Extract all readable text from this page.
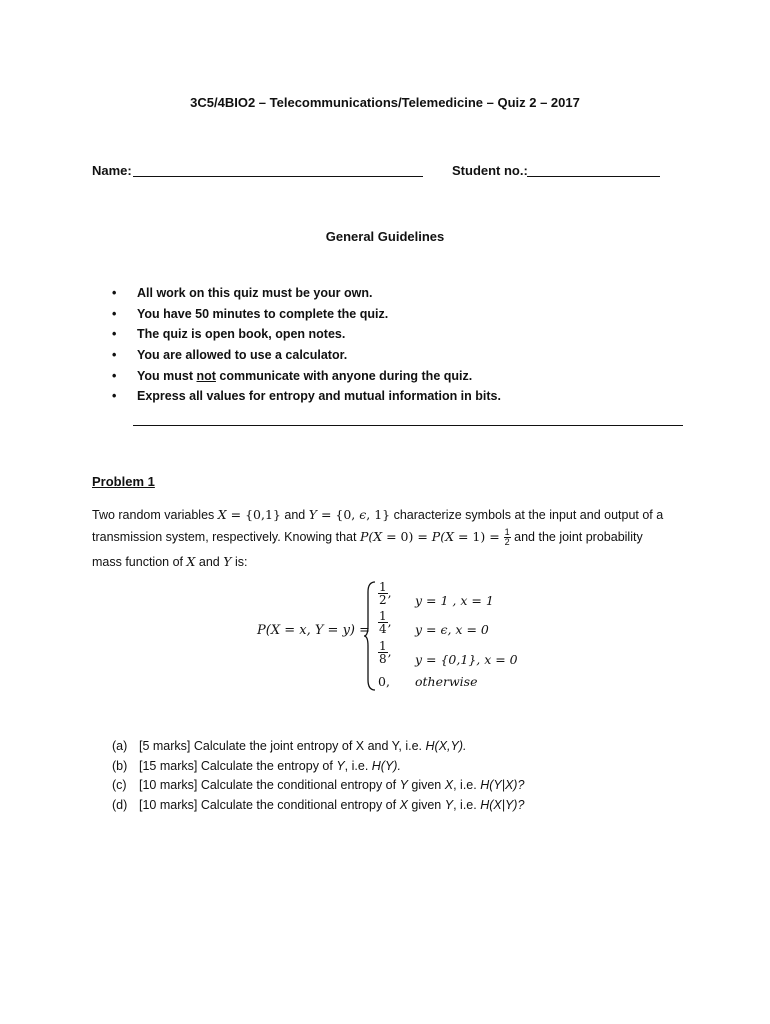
3C5/4BIO2 – Telecommunications/Telemedicine – Quiz 2 – 2017
Name:	Student no.:
General Guidelines
• All work on this quiz must be your own.
• You have 50 minutes to complete the quiz.
• The quiz is open book, open notes.
• You are allowed to use a calculator.
• You must not communicate with anyone during the quiz.
• Express all values for entropy and mutual information in bits.
Problem 1
Two random variables X = {0,1} and Y = {0, ϵ, 1} characterize symbols at the input and output of a
transmission system, respectively. Knowing that $P(X = 0) = P(X = 1) = \frac{1}{2}$ and the joint probability
mass function of X and Y is:
P(X = x, Y = y) =
$\frac{1}{2}$ ,
y = 1 , x = 1
$\frac{1}{4}$ ,
y = ϵ, x = 0
$\frac{1}{8}$ ,
y = {0,1}, x = 0
0, otherwise
(a) [5 marks] Calculate the joint entropy of X and Y, i.e. H(X,Y).
(b) [15 marks] Calculate the entropy of Y, i.e. H(Y).
(c) [10 marks] Calculate the conditional entropy of Y given X, i.e. H(Y|X)?
(d) [10 marks] Calculate the conditional entropy of X given Y, i.e. H(X|Y)?
